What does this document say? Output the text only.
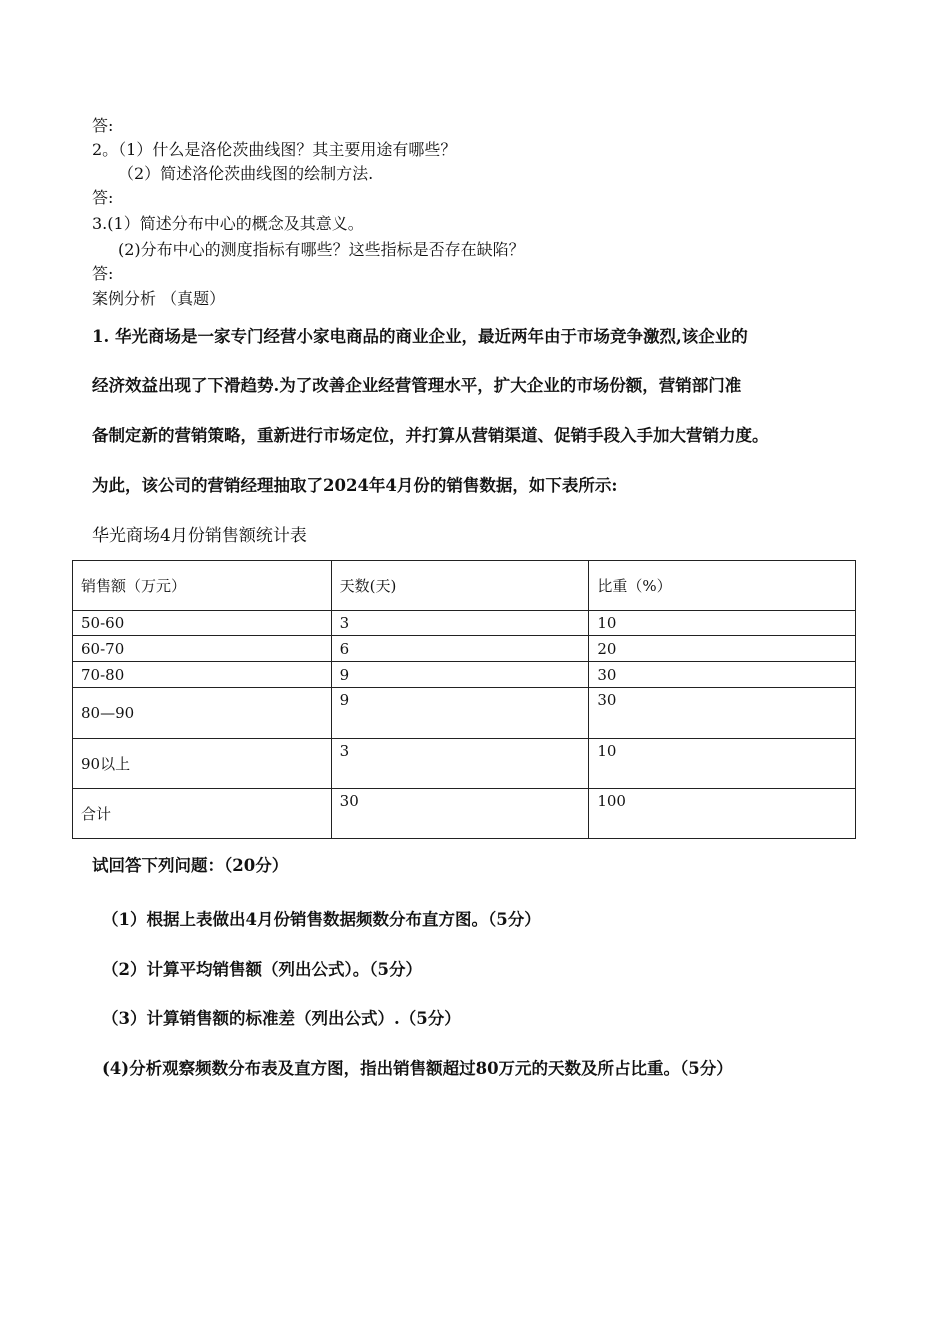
答:
2。（1）什么是洛伦茨曲线图？其主要用途有哪些？
（2）简述洛伦茨曲线图的绘制方法.
答:
3.(1）简述分布中心的概念及其意义。
(2)分布中心的测度指标有哪些？这些指标是否存在缺陷？
答:
案例分析 （真题）
1. 华光商场是一家专门经营小家电商品的商业企业，最近两年由于市场竞争激烈,该企业的
经济效益出现了下滑趋势.为了改善企业经营管理水平，扩大企业的市场份额，营销部门准
备制定新的营销策略，重新进行市场定位，并打算从营销渠道、促销手段入手加大营销力度。
为此，该公司的营销经理抽取了2024年4月份的销售数据，如下表所示:
华光商场4月份销售额统计表
销售额（万元）	天数(天)	比重（%）
50-60	3	10
60-70	6	20
70-80	9	30
80—90	9	30
90以上	3	10
合计	30	100
试回答下列问题：（20分）
（1）根据上表做出4月份销售数据频数分布直方图。（5分）
（2）计算平均销售额（列出公式）。（5分）
（3）计算销售额的标准差（列出公式）.（5分）
(4)分析观察频数分布表及直方图，指出销售额超过80万元的天数及所占比重。（5分）
